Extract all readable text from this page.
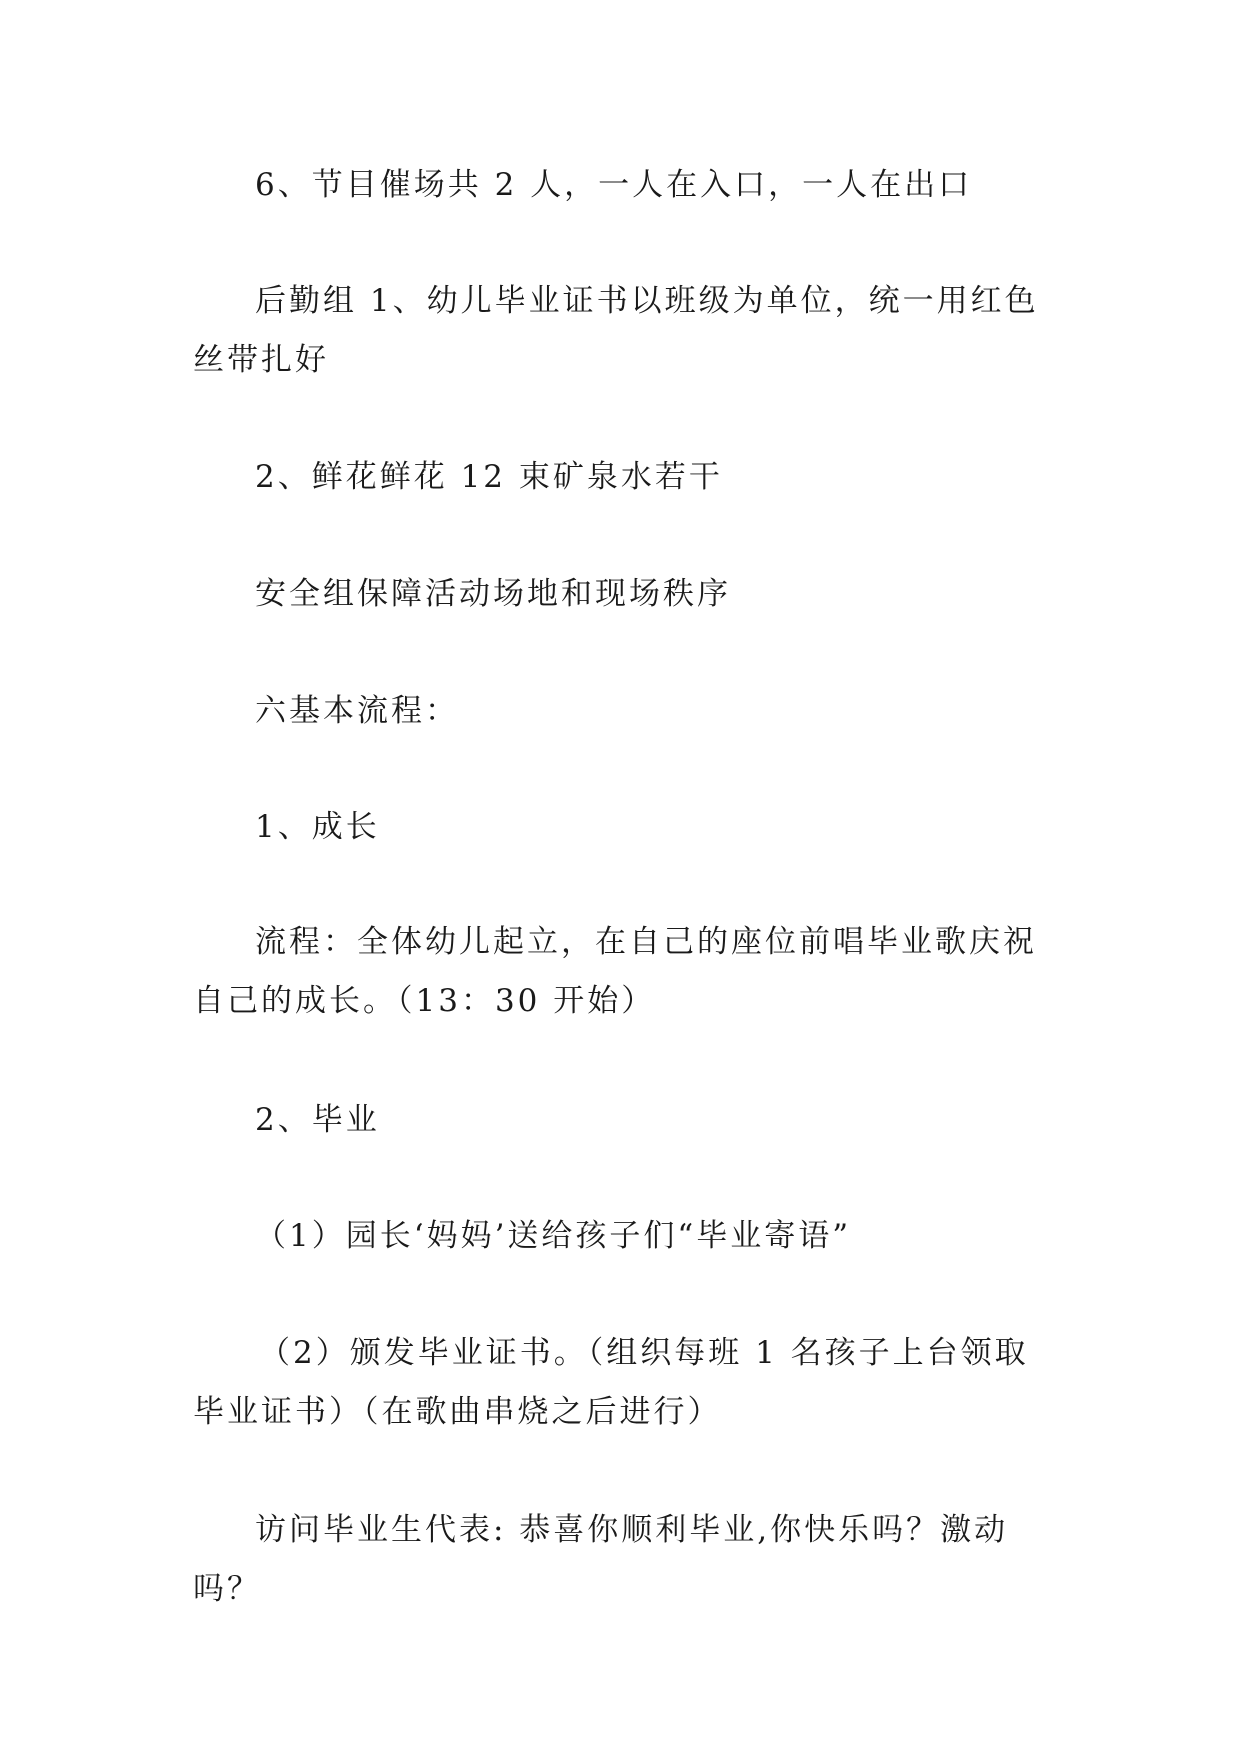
6、节目催场共 2 人，一人在入口，一人在出口

后勤组 1、幼儿毕业证书以班级为单位，统一用红色丝带扎好

2、鲜花鲜花 12 束矿泉水若干

安全组保障活动场地和现场秩序

六基本流程：

1、成长

流程：全体幼儿起立，在自己的座位前唱毕业歌庆祝自己的成长。（13：30 开始）

2、毕业

（1）园长‘妈妈’送给孩子们“毕业寄语”

（2）颁发毕业证书。（组织每班 1 名孩子上台领取毕业证书）（在歌曲串烧之后进行）

访问毕业生代表: 恭喜你顺利毕业,你快乐吗？激动吗？
